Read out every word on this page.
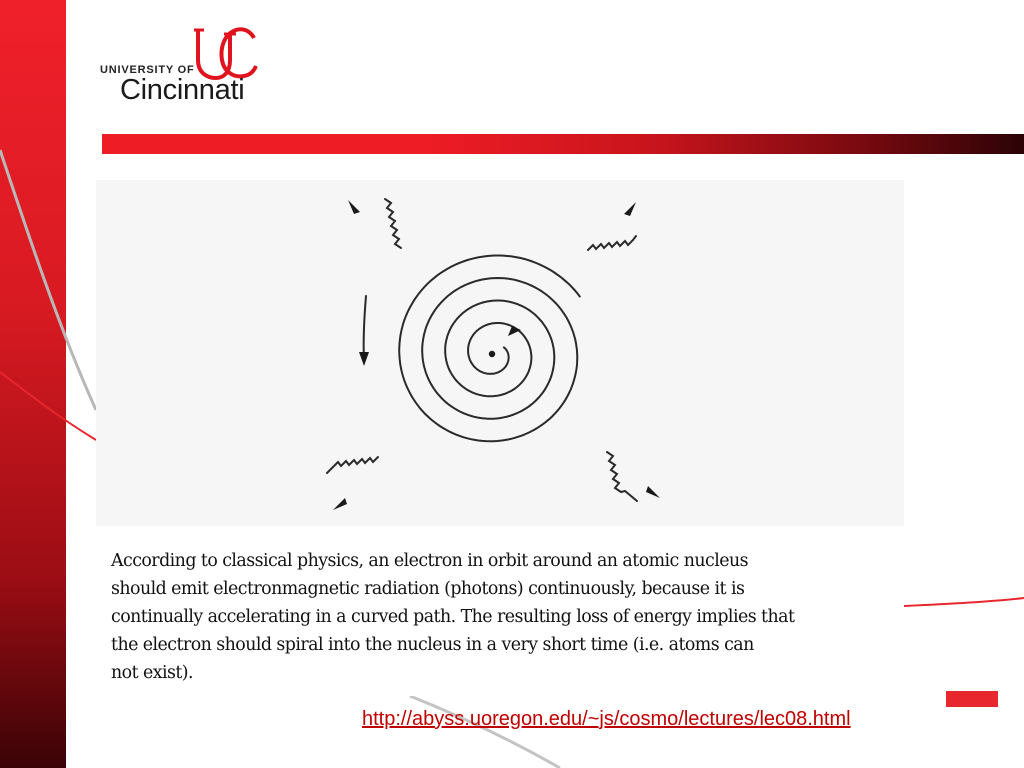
UNIVERSITY OF
Cincinnati

According to classical physics, an electron in orbit around an atomic nucleus
should emit electronmagnetic radiation (photons) continuously, because it is
continually accelerating in a curved path. The resulting loss of energy implies that
the electron should spiral into the nucleus in a very short time (i.e. atoms can
not exist).

http://abyss.uoregon.edu/~js/cosmo/lectures/lec08.html
